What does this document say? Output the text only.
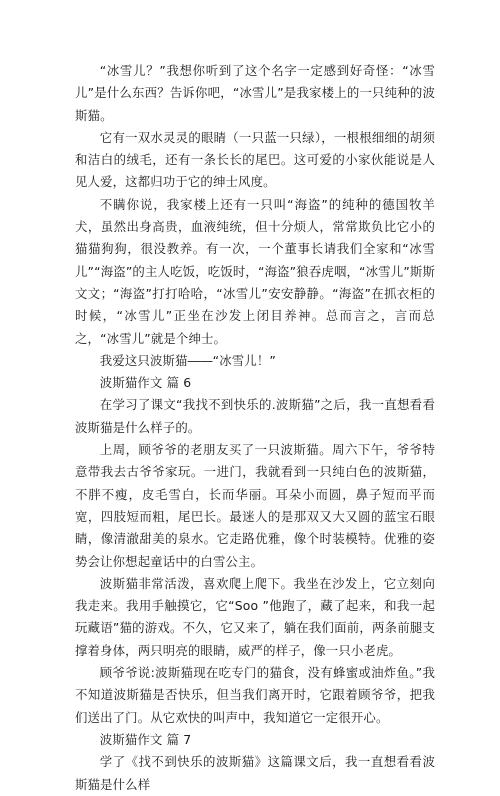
“冰雪儿？”我想你听到了这个名字一定感到好奇怪：“冰雪儿”是什么东西？告诉你吧，“冰雪儿”是我家楼上的一只纯种的波斯猫。

它有一双水灵灵的眼睛（一只蓝一只绿），一根根细细的胡须和洁白的绒毛，还有一条长长的尾巴。这可爱的小家伙能说是人见人爱，这都归功于它的绅士风度。

不瞒你说，我家楼上还有一只叫“海盗”的纯种的德国牧羊犬，虽然出身高贵，血液纯统，但十分烦人，常常欺负比它小的猫猫狗狗，很没教养。有一次，一个董事长请我们全家和“冰雪儿”“海盗”的主人吃饭，吃饭时，“海盗”狼吞虎咽，“冰雪儿”斯斯文文；“海盗”打打哈哈，“冰雪儿”安安静静。“海盗”在抓衣柜的时候，“冰雪儿”正坐在沙发上闭目养神。总而言之，言而总之，“冰雪儿”就是个绅士。

我爱这只波斯猫――“冰雪儿！”

波斯猫作文 篇 6

在学习了课文“我找不到快乐的.波斯猫”之后，我一直想看看波斯猫是什么样子的。

上周，顾爷爷的老朋友买了一只波斯猫。周六下午，爷爷特意带我去古爷爷家玩。一进门，我就看到一只纯白色的波斯猫，不胖不瘦，皮毛雪白，长而华丽。耳朵小而圆，鼻子短而平而宽，四肢短而粗，尾巴长。最迷人的是那双又大又圆的蓝宝石眼睛，像清澈甜美的泉水。它走路优雅，像个时装模特。优雅的姿势会让你想起童话中的白雪公主。

波斯猫非常活泼，喜欢爬上爬下。我坐在沙发上，它立刻向我走来。我用手触摸它，它“Soo ”他跑了，藏了起来，和我一起玩藏语”猫的游戏。不久，它又来了，躺在我们面前，两条前腿支撑着身体，两只明亮的眼睛，威严的样子，像一只小老虎。

顾爷爷说:波斯猫现在吃专门的猫食，没有蜂蜜或油炸鱼。”我不知道波斯猫是否快乐，但当我们离开时，它跟着顾爷爷，把我们送出了门。从它欢快的叫声中，我知道它一定很开心。

波斯猫作文 篇 7

学了《找不到快乐的波斯猫》这篇课文后，我一直想看看波斯猫是什么样
